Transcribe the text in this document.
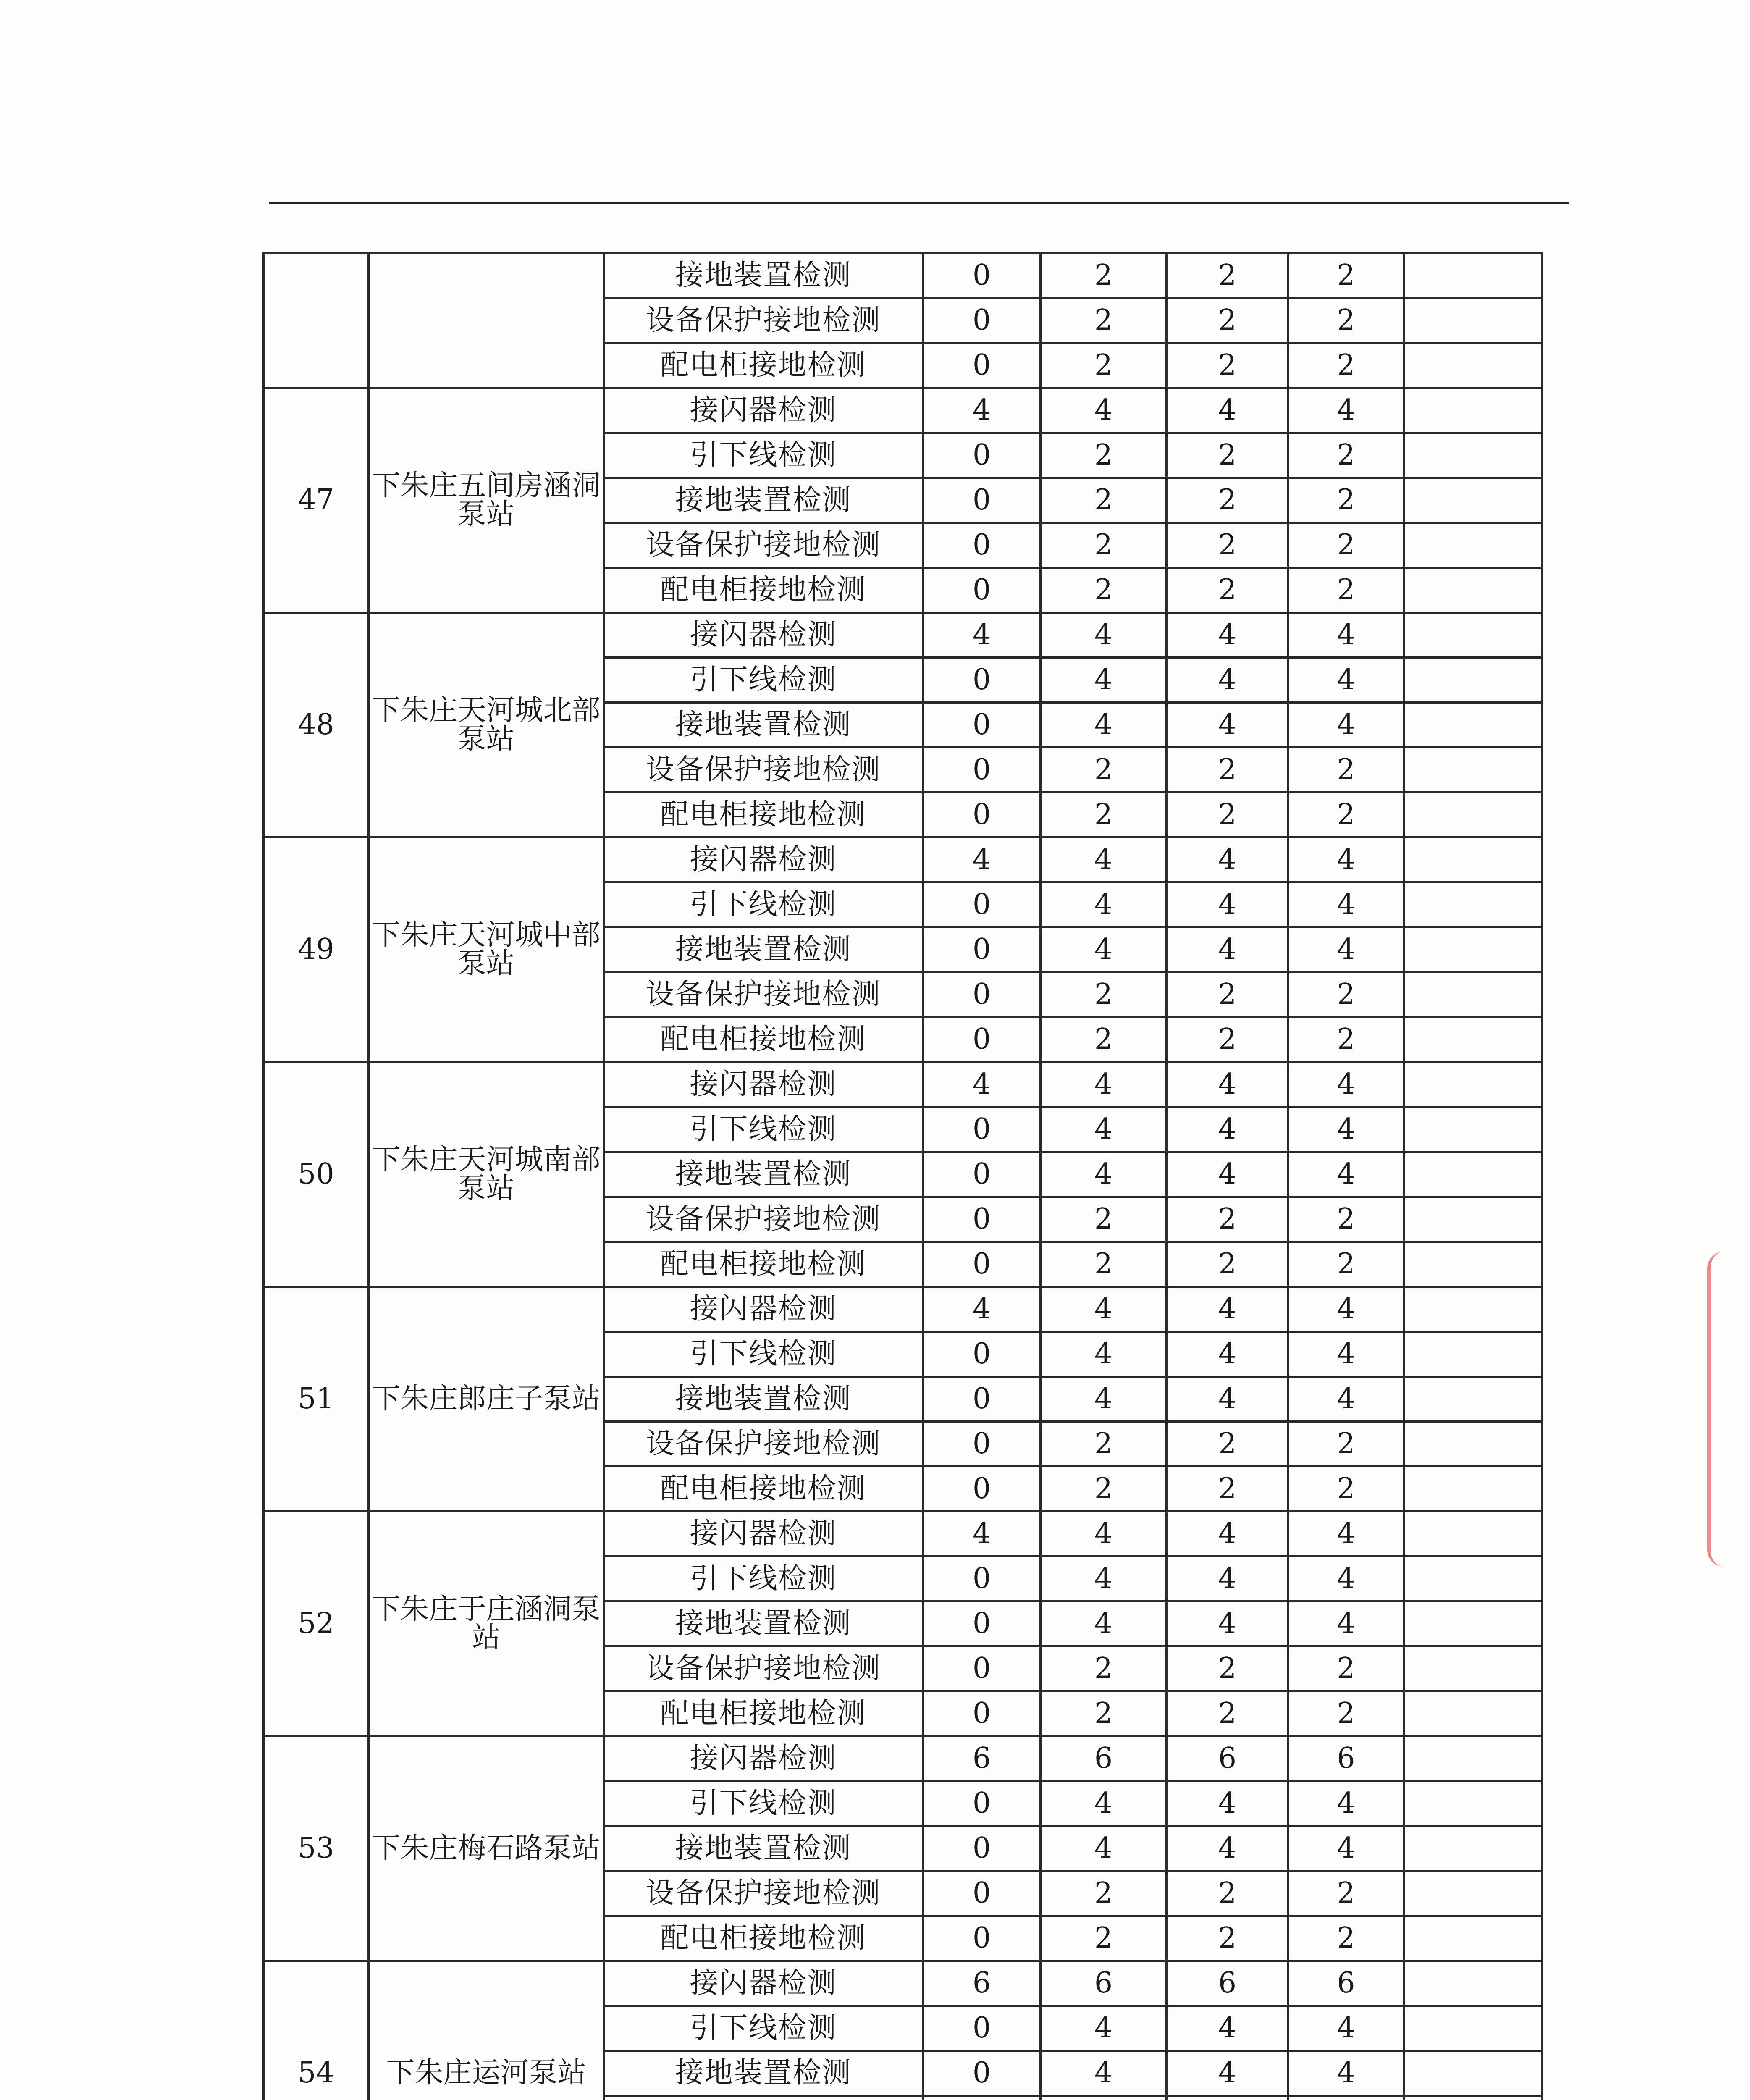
		接地装置检测	0	2	2	2	
		设备保护接地检测	0	2	2	2	
		配电柜接地检测	0	2	2	2	
47	下朱庄五间房涵洞泵站	接闪器检测	4	4	4	4	
		引下线检测	0	2	2	2	
		接地装置检测	0	2	2	2	
		设备保护接地检测	0	2	2	2	
		配电柜接地检测	0	2	2	2	
48	下朱庄天河城北部泵站	接闪器检测	4	4	4	4	
		引下线检测	0	4	4	4	
		接地装置检测	0	4	4	4	
		设备保护接地检测	0	2	2	2	
		配电柜接地检测	0	2	2	2	
49	下朱庄天河城中部泵站	接闪器检测	4	4	4	4	
		引下线检测	0	4	4	4	
		接地装置检测	0	4	4	4	
		设备保护接地检测	0	2	2	2	
		配电柜接地检测	0	2	2	2	
50	下朱庄天河城南部泵站	接闪器检测	4	4	4	4	
		引下线检测	0	4	4	4	
		接地装置检测	0	4	4	4	
		设备保护接地检测	0	2	2	2	
		配电柜接地检测	0	2	2	2	
51	下朱庄郎庄子泵站	接闪器检测	4	4	4	4	
		引下线检测	0	4	4	4	
		接地装置检测	0	4	4	4	
		设备保护接地检测	0	2	2	2	
		配电柜接地检测	0	2	2	2	
52	下朱庄于庄涵洞泵站	接闪器检测	4	4	4	4	
		引下线检测	0	4	4	4	
		接地装置检测	0	4	4	4	
		设备保护接地检测	0	2	2	2	
		配电柜接地检测	0	2	2	2	
53	下朱庄梅石路泵站	接闪器检测	6	6	6	6	
		引下线检测	0	4	4	4	
		接地装置检测	0	4	4	4	
		设备保护接地检测	0	2	2	2	
		配电柜接地检测	0	2	2	2	
54	下朱庄运河泵站	接闪器检测	6	6	6	6	
		引下线检测	0	4	4	4	
		接地装置检测	0	4	4	4	
